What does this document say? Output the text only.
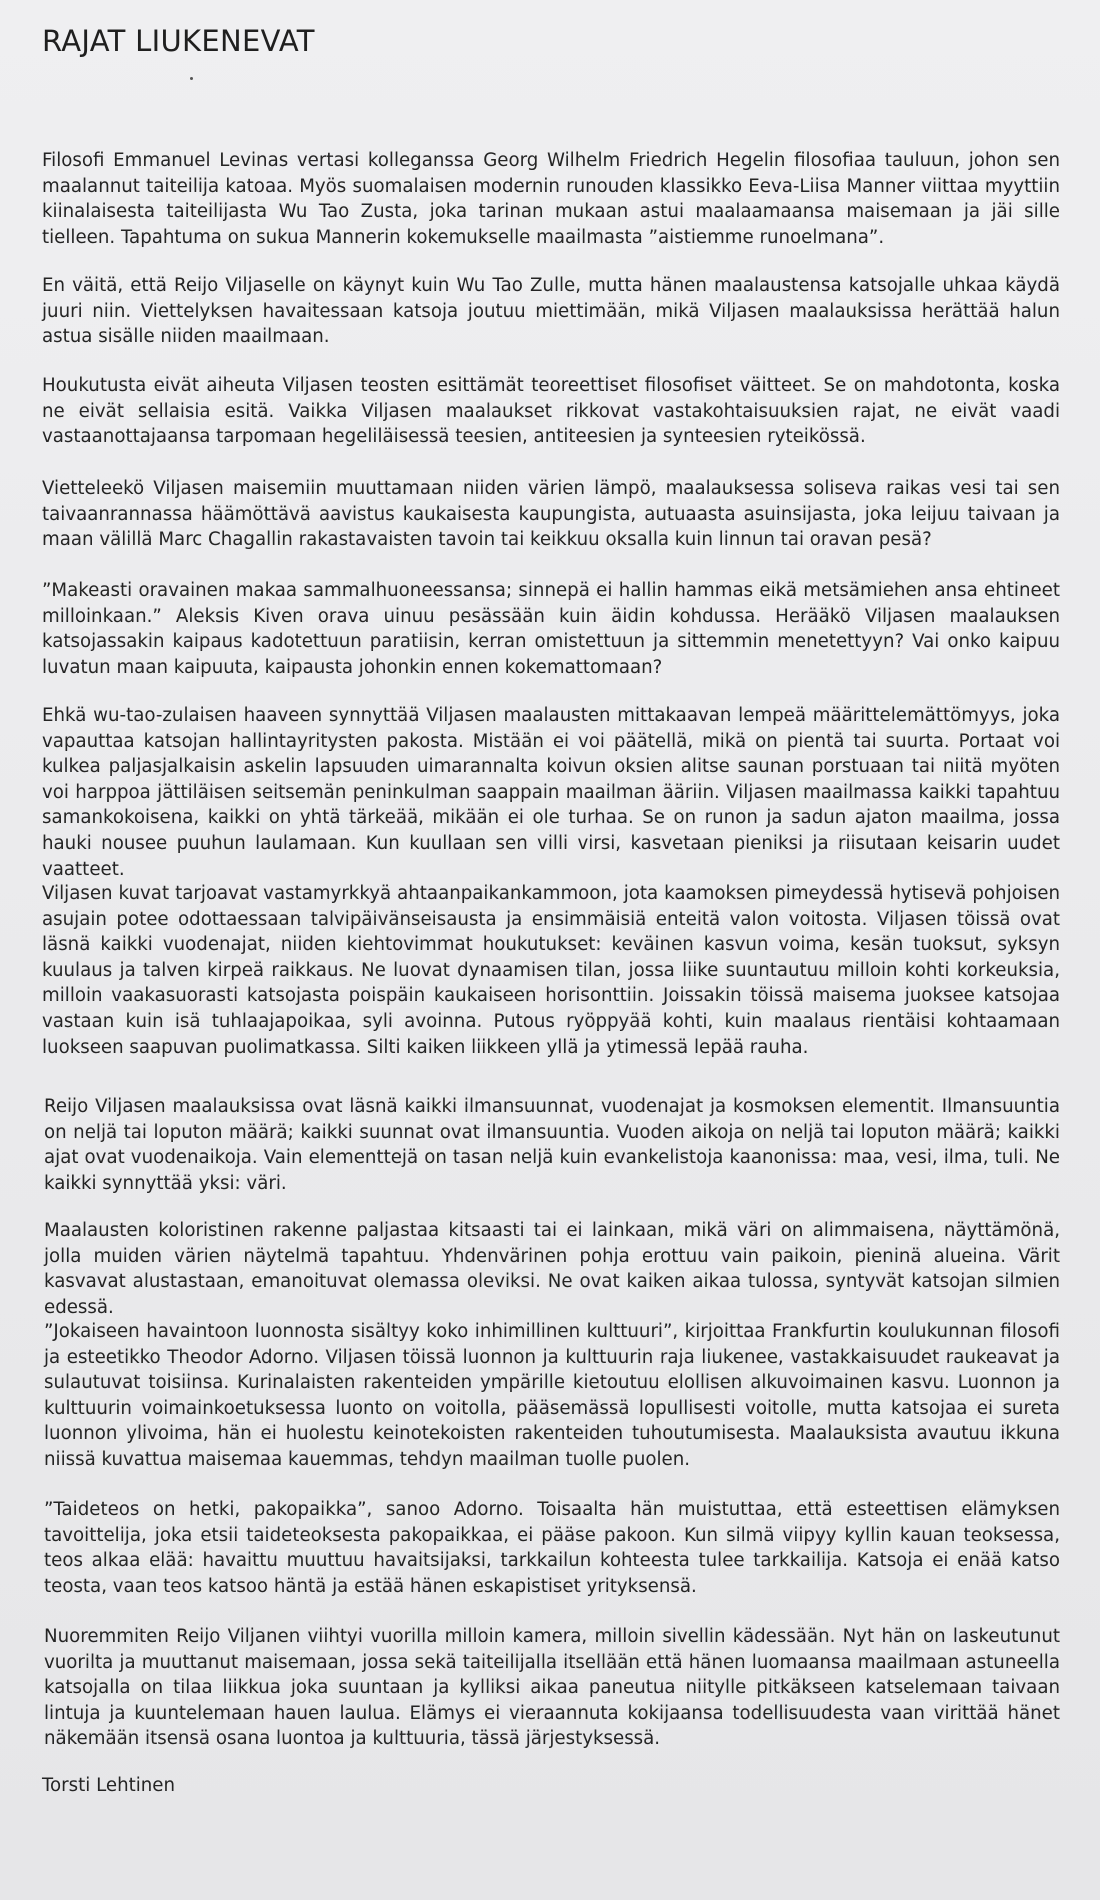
RAJAT LIUKENEVAT

Filosofi Emmanuel Levinas vertasi kolleganssa Georg Wilhelm Friedrich Hegelin filosofiaa tauluun, johon sen maalannut taiteilija katoaa. Myös suomalaisen modernin runouden klassikko Eeva-Liisa Manner viittaa myyttiin kiinalaisesta taiteilijasta Wu Tao Zusta, joka tarinan mukaan astui maalaamaansa maisemaan ja jäi sille tielleen. Tapahtuma on sukua Mannerin kokemukselle maailmasta ”aistiemme runoelmana”.

En väitä, että Reijo Viljaselle on käynyt kuin Wu Tao Zulle, mutta hänen maalaustensa katsojalle uhkaa käydä juuri niin. Viettelyksen havaitessaan katsoja joutuu miettimään, mikä Viljasen maalauksissa herättää halun astua sisälle niiden maailmaan.

Houkutusta eivät aiheuta Viljasen teosten esittämät teoreettiset filosofiset väitteet. Se on mahdotonta, koska ne eivät sellaisia esitä. Vaikka Viljasen maalaukset rikkovat vastakohtaisuuksien rajat, ne eivät vaadi vastaanottajaansa tarpomaan hegeliläisessä teesien, antiteesien ja synteesien ryteikössä.

Vietteleekö Viljasen maisemiin muuttamaan niiden värien lämpö, maalauksessa soliseva raikas vesi tai sen taivaanrannassa häämöttävä aavistus kaukaisesta kaupungista, autuaasta asuinsijasta, joka leijuu taivaan ja maan välillä Marc Chagallin rakastavaisten tavoin tai keikkuu oksalla kuin linnun tai oravan pesä?

”Makeasti oravainen makaa sammalhuoneessansa; sinnepä ei hallin hammas eikä metsämiehen ansa ehtineet milloinkaan.” Aleksis Kiven orava uinuu pesässään kuin äidin kohdussa. Herääkö Viljasen maalauksen katsojassakin kaipaus kadotettuun paratiisin, kerran omistettuun ja sittemmin menetettyyn? Vai onko kaipuu luvatun maan kaipuuta, kaipausta johonkin ennen kokemattomaan?

Ehkä wu-tao-zulaisen haaveen synnyttää Viljasen maalausten mittakaavan lempeä määrittelemättömyys, joka vapauttaa katsojan hallintayritysten pakosta. Mistään ei voi päätellä, mikä on pientä tai suurta. Portaat voi kulkea paljasjalkaisin askelin lapsuuden uimarannalta koivun oksien alitse saunan porstuaan tai niitä myöten voi harppoa jättiläisen seitsemän peninkulman saappain maailman ääriin. Viljasen maailmassa kaikki tapahtuu samankokoisena, kaikki on yhtä tärkeää, mikään ei ole turhaa. Se on runon ja sadun ajaton maailma, jossa hauki nousee puuhun laulamaan. Kun kuullaan sen villi virsi, kasvetaan pieniksi ja riisutaan keisarin uudet vaatteet.

Viljasen kuvat tarjoavat vastamyrkkyä ahtaanpaikankammoon, jota kaamoksen pimeydessä hytisevä pohjoisen asujain potee odottaessaan talvipäivänseisausta ja ensimmäisiä enteitä valon voitosta. Viljasen töissä ovat läsnä kaikki vuodenajat, niiden kiehtovimmat houkutukset: keväinen kasvun voima, kesän tuoksut, syksyn kuulaus ja talven kirpeä raikkaus. Ne luovat dynaamisen tilan, jossa liike suuntautuu milloin kohti korkeuksia, milloin vaakasuorasti katsojasta poispäin kaukaiseen horisonttiin. Joissakin töissä maisema juoksee katsojaa vastaan kuin isä tuhlaajapoikaa, syli avoinna. Putous ryöppyää kohti, kuin maalaus rientäisi kohtaamaan luokseen saapuvan puolimatkassa. Silti kaiken liikkeen yllä ja ytimessä lepää rauha.

Reijo Viljasen maalauksissa ovat läsnä kaikki ilmansuunnat, vuodenajat ja kosmoksen elementit. Ilmansuuntia on neljä tai loputon määrä; kaikki suunnat ovat ilmansuuntia. Vuoden aikoja on neljä tai loputon määrä; kaikki ajat ovat vuodenaikoja. Vain elementtejä on tasan neljä kuin evankelistoja kaanonissa: maa, vesi, ilma, tuli. Ne kaikki synnyttää yksi: väri.

Maalausten koloristinen rakenne paljastaa kitsaasti tai ei lainkaan, mikä väri on alimmaisena, näyttämönä, jolla muiden värien näytelmä tapahtuu. Yhdenvärinen pohja erottuu vain paikoin, pieninä alueina. Värit kasvavat alustastaan, emanoituvat olemassa oleviksi. Ne ovat kaiken aikaa tulossa, syntyvät katsojan silmien edessä.

”Jokaiseen havaintoon luonnosta sisältyy koko inhimillinen kulttuuri”, kirjoittaa Frankfurtin koulukunnan filosofi ja esteetikko Theodor Adorno. Viljasen töissä luonnon ja kulttuurin raja liukenee, vastakkaisuudet raukeavat ja sulautuvat toisiinsa. Kurinalaisten rakenteiden ympärille kietoutuu elollisen alkuvoimainen kasvu. Luonnon ja kulttuurin voimainkoetuksessa luonto on voitolla, pääsemässä lopullisesti voitolle, mutta katsojaa ei sureta luonnon ylivoima, hän ei huolestu keinotekoisten rakenteiden tuhoutumisesta. Maalauksista avautuu ikkuna niissä kuvattua maisemaa kauemmas, tehdyn maailman tuolle puolen.

”Taideteos on hetki, pakopaikka”, sanoo Adorno. Toisaalta hän muistuttaa, että esteettisen elämyksen tavoittelija, joka etsii taideteoksesta pakopaikkaa, ei pääse pakoon. Kun silmä viipyy kyllin kauan teoksessa, teos alkaa elää: havaittu muuttuu havaitsijaksi, tarkkailun kohteesta tulee tarkkailija. Katsoja ei enää katso teosta, vaan teos katsoo häntä ja estää hänen eskapistiset yrityksensä.

Nuoremmiten Reijo Viljanen viihtyi vuorilla milloin kamera, milloin sivellin kädessään. Nyt hän on laskeutunut vuorilta ja muuttanut maisemaan, jossa sekä taiteilijalla itsellään että hänen luomaansa maailmaan astuneella katsojalla on tilaa liikkua joka suuntaan ja kylliksi aikaa paneutua niitylle pitkäkseen katselemaan taivaan lintuja ja kuuntelemaan hauen laulua. Elämys ei vieraannuta kokijaansa todellisuudesta vaan virittää hänet näkemään itsensä osana luontoa ja kulttuuria, tässä järjestyksessä.

Torsti Lehtinen
